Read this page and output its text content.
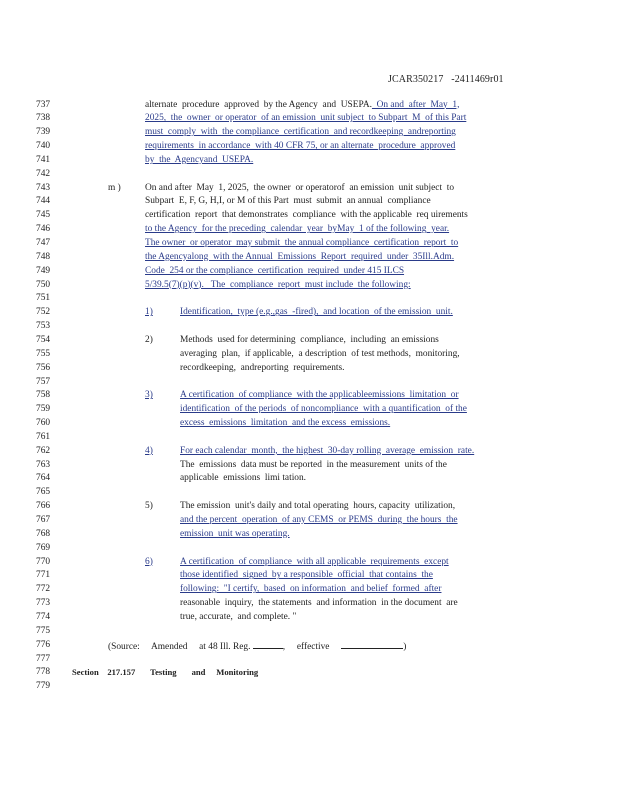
JCAR350217 -2411469r01
737	alternate  procedure  approved  by the Agency  and  USEPA.  On and  after  May  1,
738	2025,  the  owner  or operator  of an emission  unit subject  to Subpart  M  of this Part
739	must  comply  with  the compliance  certification  and recordkeeping  andreporting
740	requirements  in accordance  with 40 CFR 75, or an alternate  procedure  approved
741	by  the  Agencyand  USEPA.
742
743	m )	On and after  May  1, 2025,  the owner  or operatorof  an emission  unit subject  to
744	Subpart  E, F, G, H,I, or M of this Part  must  submit  an annual  compliance
745	certification  report  that demonstrates  compliance  with the applicable  req uirements
746	to the Agency  for the preceding  calendar  year  byMay  1 of the following  year.
747	The owner  or operator  may submit  the annual compliance  certification  report  to
748	the Agencyalong  with the Annual  Emissions  Report  required  under  35Ill.Adm.
749	Code  254 or the compliance  certification  required  under 415 ILCS
750	5/39.5(7)(p)(v).   The  compliance  report  must include  the following:
751
752	1)	Identification,  type (e.g.,gas  -fired),  and location  of the emission  unit.
753
754	2)	Methods  used for determining  compliance,  including  an emissions
755	averaging  plan,  if applicable,  a description  of test methods,  monitoring,
756	recordkeeping,  andreporting  requirements.
757
758	3)	A certification  of compliance  with the applicableemissions  limitation  or
759	identification  of the periods  of noncompliance  with a quantification  of the
760	excess  emissions  limitation  and the excess  emissions.
761
762	4)	For each calendar  month,  the highest  30-day rolling  average  emission  rate.
763	The  emissions  data must be reported  in the measurement  units of the
764	applicable  emissions  limi tation.
765
766	5)	The emission  unit's daily and total operating  hours, capacity  utilization,
767	and the percent  operation  of any CEMS  or PEMS  during  the hours  the
768	emission  unit was operating.
769
770	6)	A certification  of compliance  with all applicable  requirements  except
771	those identified  signed  by a responsible  official  that contains  the
772	following:  "I certify,  based  on information  and belief  formed  after
773	reasonable  inquiry,  the statements  and information  in the document  are
774	true, accurate,  and complete. "
775
776	(Source: Amended at 48 Ill. Reg.	, effective	)
777
778	Section    217.157       Testing       and     Monitoring
779
